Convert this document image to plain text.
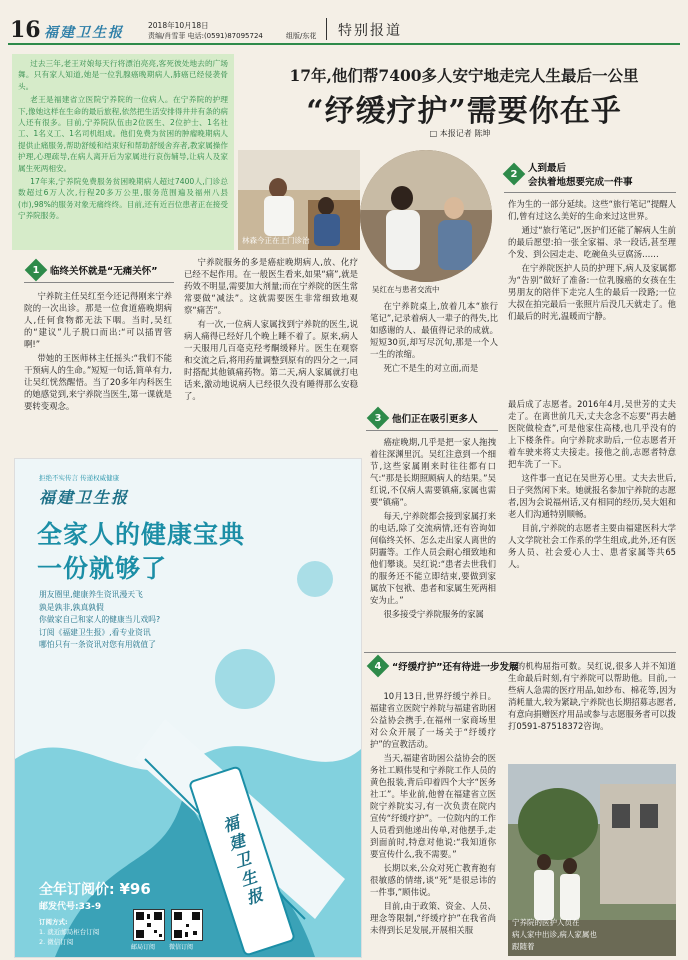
16 福建卫生报	2018年10月18日
责编/肖雪菲 电话:(0591)87095724	组版/东花 特别报道

过去三年,老王对娘每天行将漂泊亮亮,客死彼处地去的广场舞。只有家人知道,她是一位乳腺癌晚期病人,肺癌已经侵袭骨头。

老王是福建省立医院宁养院的一位病人。在宁养院的护理下,像她这样在生命的最后旅程,依然把生活安排得井井有条的病人还有很多。目前,宁养院队伍由2位医生、2位护士、1名社工、1名义工、1名司机组成。他们免费为贫困的肿瘤晚期病人提供止痛服务,帮助舒缓和结束好和帮助舒缓舍弃者,教家属操作护理,心理疏导,在病人离开后为家属进行哀伤辅导,让病人及家属生死两相安。

17年来,宁养院免费服务贫困晚期病人超过7400人,门诊总数超过6万人次,行程20多万公里,服务范围遍及福州八县(市),98%的服务对象无痛终终。目前,还有近百位患者正在接受宁养院服务。

17年,他们帮7400多人安宁地走完人生最后一公里
“纾缓疗护”需要你在乎
□ 本报记者 陈坤
林森今正在上门诊治
吴红在与患者交流中
2 人到最后
会执着地想要完成一件事

作为生的一部分延续。这些“旅行笔记”提醒人们,曾有过这么美好的生命来过这世界。

通过“旅行笔记”,医护们还能了解病人生前的最后愿望:拍一张全家福、录一段话,甚至理个发、到公园走走、吃碗鱼头豆腐汤……

在宁养院医护人员的护理下,病人及家属都为“告别”做好了准备:一位乳腺癌的女孩在生男朋友的陪伴下走完人生的最后一段路;一位大叔在拍完最后一张照片后没几天就走了。他们最后的时光,温暖而宁静。

1 临终关怀就是“无痛关怀”

宁养院主任吴红至今还记得刚来宁养院的一次出诊。那是一位食道癌晚期病人,任何食物都无法下咽。当时,吴红的“建议”儿子脱口而出:“可以插胃管啊!”

带她的王医师林主任摇头:“我们不能干预病人的生命。”短短一句话,简单有力,让吴红恍然醒悟。当了20多年内科医生的她感觉到,来宁养院当医生,第一课就是要转变观念。

宁养院服务的多是癌症晚期病人,放、化疗已经不起作用。在一般医生看来,如果“痛”,就是药效不明显,需要加大剂量;而在宁养院的医生常常要做“减法”。这就需要医生非常细致地观察“痛苦”。

有一次,一位病人家属找到宁养院的医生,说病人痛得已经好几个晚上睡不着了。原来,病人一天服用几百毫克羟考酮缓释片。医生在观察和交流之后,将用药量调整到原有的四分之一,同时搭配其他镇痛药物。第二天,病人家属就打电话来,激动地说病人已经很久没有睡得那么安稳了。

在宁养院桌上,放着几本“旅行笔记”,记录着病人一辈子的得失,比如感谢的人、最值得记录的成就。短短30页,却写尽沉旬,那是一个人一生的浓缩。

死亡不是生的对立面,而是

3 他们正在吸引更多人

癌症晚期,几乎是把一家人拖拽着往深渊里沉。吴红注意到一个细节,这些家属刚来时往往都有口气:“那是长期照顾病人的结果。”吴红说,不仅病人需要镇痛,家属也需要“镇痛”。

每天,宁养院都会接到家属打来的电话,除了交流病情,还有咨询如何临终关怀、怎么走出家人离世的阴霾等。工作人员会耐心细致地和他们攀谈。吴红说:“患者去世我们的服务还不能立即结束,要做到家属放下包袱、患者和家属生死两相安为止。”

很多接受宁养院服务的家属

最后成了志愿者。2016年4月,吴世芳的丈夫走了。在离世前几天,丈夫念念不忘要“再去趟医院做检查”,可是他家住高楼,也几乎没有的上下楼条件。向宁养院求助后,一位志愿者开着车驶来将丈夫接走。接他之前,志愿者特意把车洗了一下。

这件事一直记在吴世芳心里。丈夫去世后,日子突然闲下来。她就报名参加宁养院的志愿者,因为会说福州话,又有相同的经历,吴大姐和老人们沟通特别顺畅。

目前,宁养院的志愿者主要由福建医科大学人文学院社会工作系的学生组成,此外,还有医务人员、社会爱心人士、患者家属等共65人。

4 “纾缓疗护”还有待进一步发展

10月13日,世界纾缓宁养日。福建省立医院宁养院与福建省助困公益协会携手,在福州一家商场里对公众开展了一场关于“纾缓疗护”的宣教活动。

当天,福建省助困公益协会的医务社工顾伟旻和宁养院工作人员的黄色报装,背后印着四个大字“医务社工”。毕业前,他曾在福建省立医院宁养院实习,有一次负责在院内宣传“纾缓疗护”。一位院内的工作人员看到他递出传单,对他摆手,走到面前时,特意对他说:“我知道你要宣传什么,我不需要。”

长期以来,公众对死亡教育抱有很敏感的情绪,谈“死”是很忌讳的一件事,”顾伟说。

目前,由于政策、资金、人员、理念等限制,“纾缓疗护”在我省尚未得到长足发展,开展相关服

务的机构屈指可数。吴红说,很多人并不知道生命最后时刻,有宁养院可以帮助他。目前,一些病人急需的医疗用品,如纱布、棉花等,因为消耗量大,较为紧缺,宁养院也长期招募志愿者,有意向捐赠医疗用品或参与志愿服务者可以拨打0591-87518372咨询。

宁养院的医护人员在
病人家中出诊,病人家属也
跟随着
拒绝不实传言 传递权威健康
福建卫生报
全家人的健康宝典
一份就够了
朋友圈里,健康养生资讯漫天飞
孰是孰非,孰真孰假
你做家自己和家人的健康当儿戏吗?
订阅《福建卫生报》,看专业资讯
哪怕只有一条资讯对您有用就值了
福建卫生报
全年订阅价: ¥96
邮发代号:33-9
订阅方式:
1. 就近邮局柜台订阅
2. 微信订阅
邮局订阅 微信订阅
